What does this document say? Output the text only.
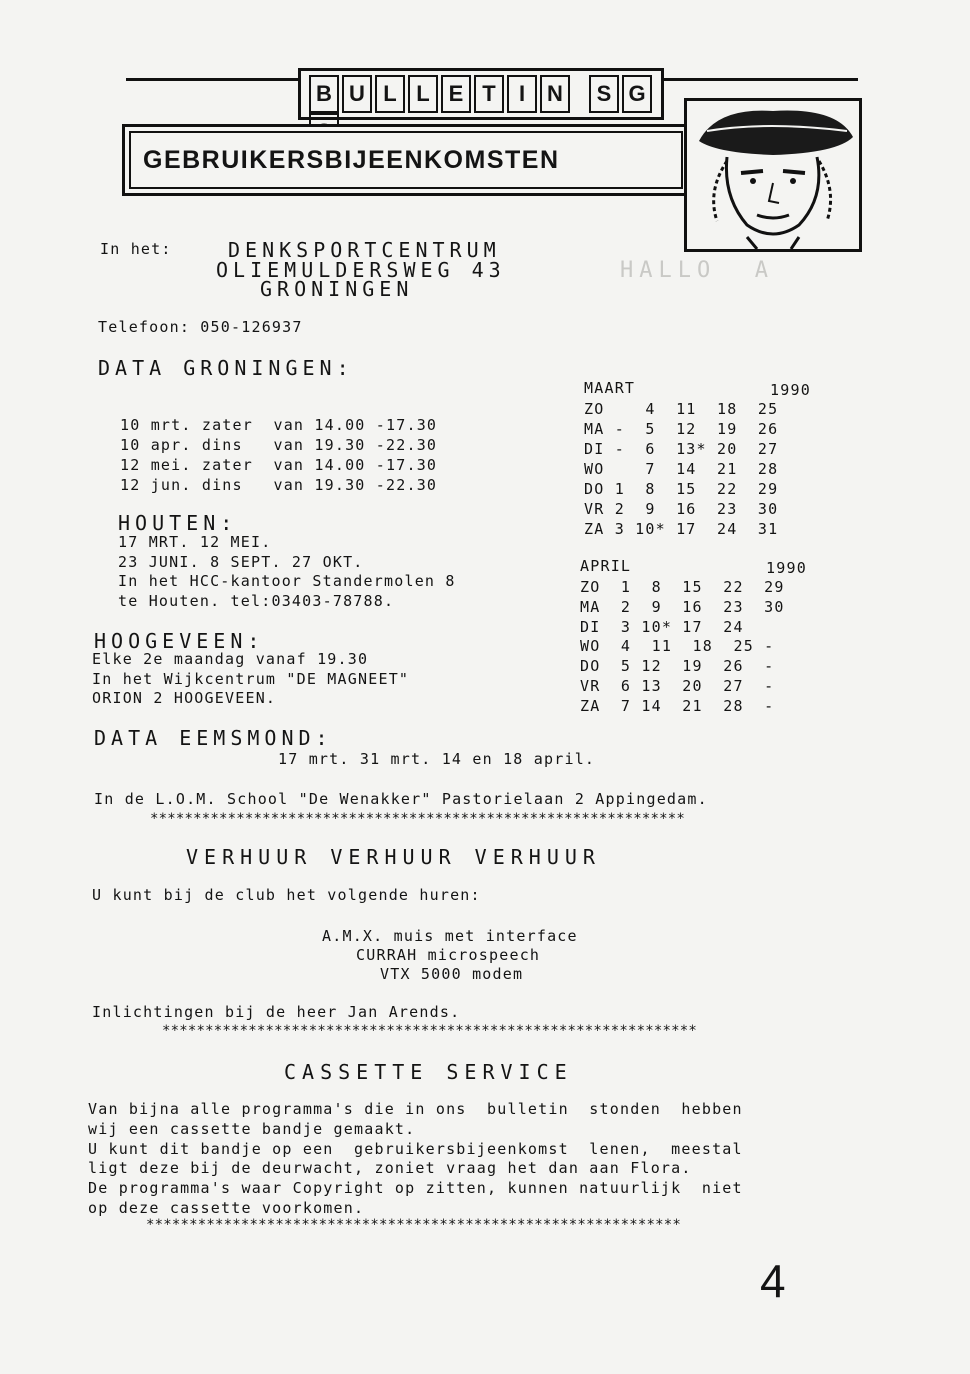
HALLO  A
B U L L E T I N S G
GEBRUIKERSBIJEENKOMSTEN
In het:	DENKSPORTCENTRUM
OLIEMULDERSWEG 43
GRONINGEN
Telefoon: 050-126937
DATA GRONINGEN:
10 mrt. zater  van 14.00 -17.30
10 apr. dins   van 19.30 -22.30
12 mei. zater  van 14.00 -17.30
12 jun. dins   van 19.30 -22.30
HOUTEN:
17 MRT. 12 MEI.
23 JUNI. 8 SEPT. 27 OKT.
In het HCC-kantoor Standermolen 8
te Houten. tel:03403-78788.
HOOGEVEEN:
Elke 2e maandag vanaf 19.30
In het Wijkcentrum "DE MAGNEET"
ORION 2 HOOGEVEEN.
MAART	1990
ZO    4  11  18  25
MA -  5  12  19  26
DI -  6  13* 20  27
WO    7  14  21  28
DO 1  8  15  22  29
VR 2  9  16  23  30
ZA 3 10* 17  24  31
APRIL	1990
ZO  1  8  15  22  29
MA  2  9  16  23  30
DI  3 10* 17  24
WO  4  11  18  25 -
DO  5 12  19  26  -
VR  6 13  20  27  -
ZA  7 14  21  28  -
DATA EEMSMOND:
17 mrt. 31 mrt. 14 en 18 april.
In de L.O.M. School "De Wenakker" Pastorielaan 2 Appingedam.
**************************************************************
VERHUUR VERHUUR VERHUUR
U kunt bij de club het volgende huren:
A.M.X. muis met interface
CURRAH microspeech
VTX 5000 modem
Inlichtingen bij de heer Jan Arends.
**************************************************************
CASSETTE SERVICE
Van bijna alle programma's die in ons  bulletin  stonden  hebben
wij een cassette bandje gemaakt.
U kunt dit bandje op een  gebruikersbijeenkomst  lenen,  meestal
ligt deze bij de deurwacht, zoniet vraag het dan aan Flora.
De programma's waar Copyright op zitten, kunnen natuurlijk  niet
op deze cassette voorkomen.
**************************************************************
4
